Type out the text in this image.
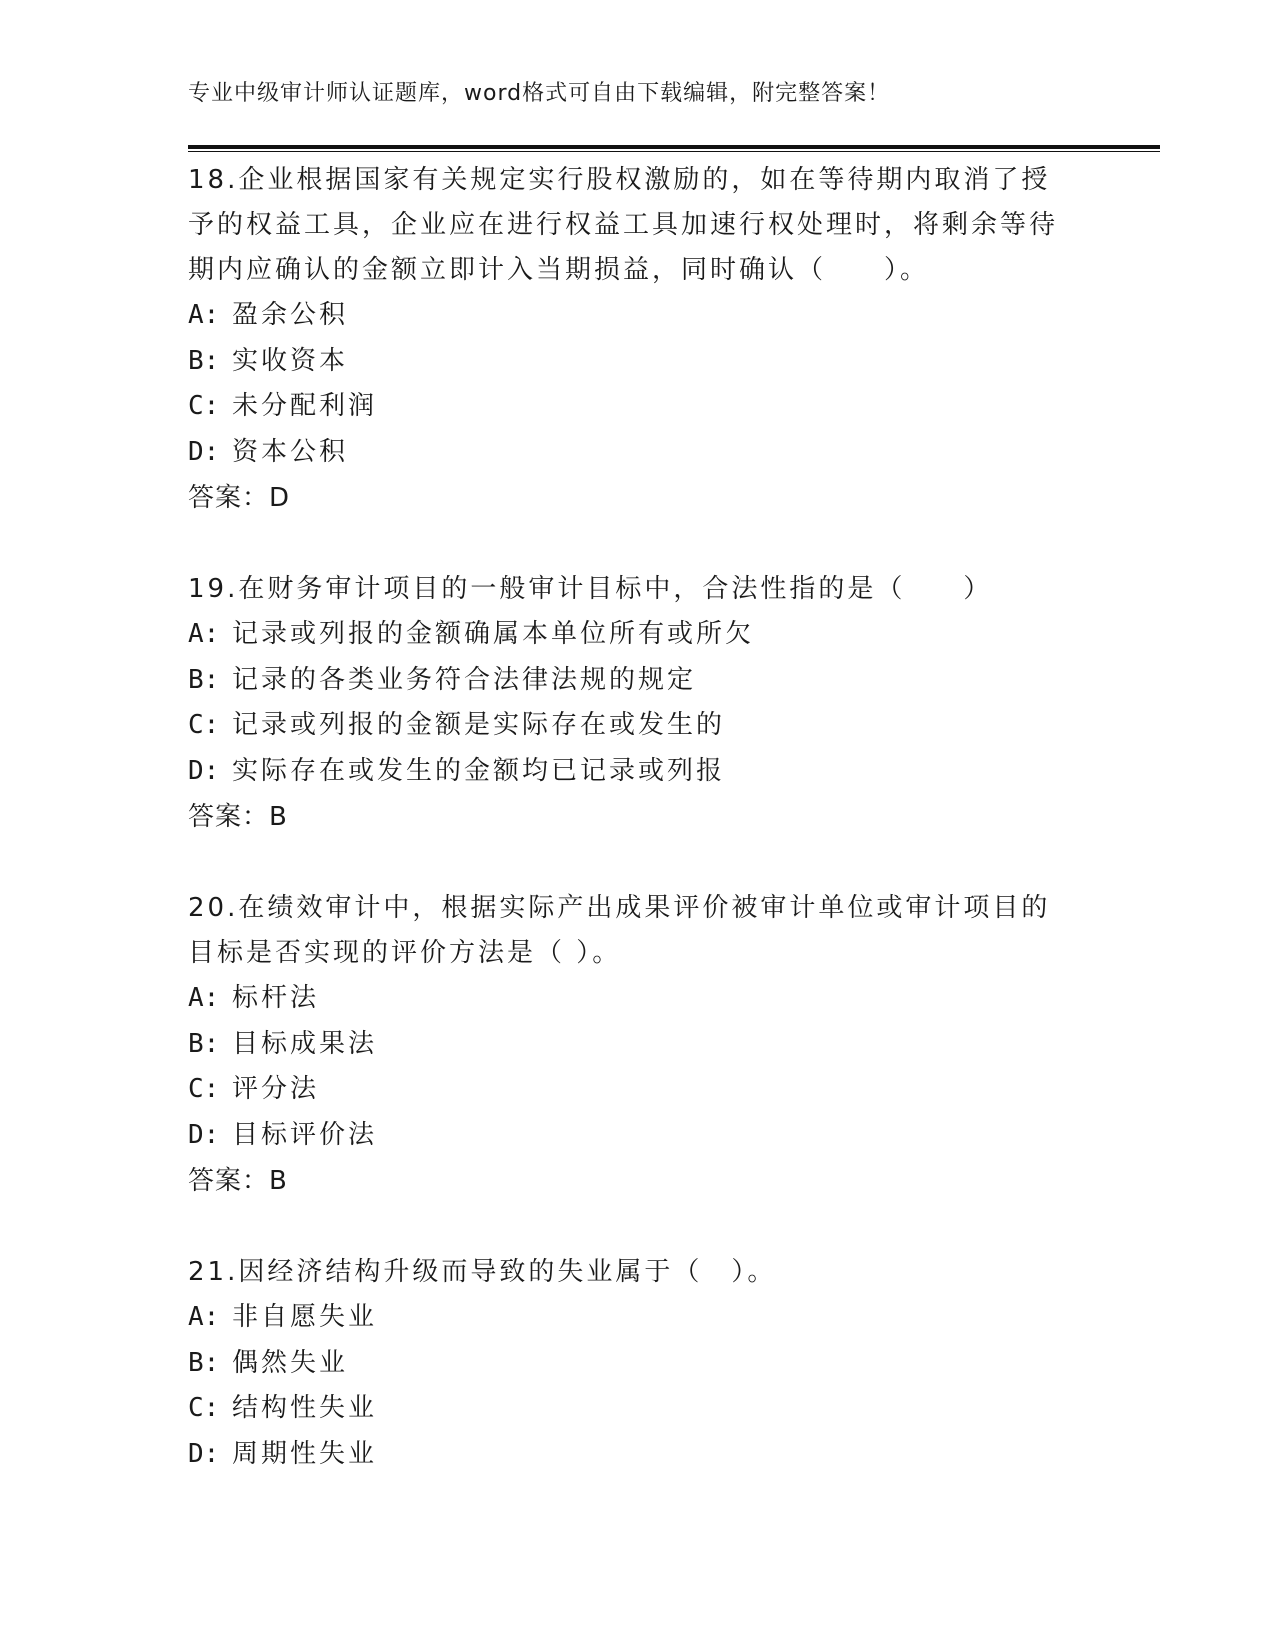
专业中级审计师认证题库，word格式可自由下载编辑，附完整答案！

18.企业根据国家有关规定实行股权激励的，如在等待期内取消了授予的权益工具，企业应在进行权益工具加速行权处理时，将剩余等待期内应确认的金额立即计入当期损益，同时确认（　　）。

A: 盈余公积
B: 实收资本
C: 未分配利润
D: 资本公积
答案：D

19.在财务审计项目的一般审计目标中，合法性指的是（　　）

A: 记录或列报的金额确属本单位所有或所欠
B: 记录的各类业务符合法律法规的规定
C: 记录或列报的金额是实际存在或发生的
D: 实际存在或发生的金额均已记录或列报
答案：B

20.在绩效审计中，根据实际产出成果评价被审计单位或审计项目的目标是否实现的评价方法是（ ）。

A: 标杆法
B: 目标成果法
C: 评分法
D: 目标评价法
答案：B

21.因经济结构升级而导致的失业属于（　）。

A: 非自愿失业
B: 偶然失业
C: 结构性失业
D: 周期性失业
